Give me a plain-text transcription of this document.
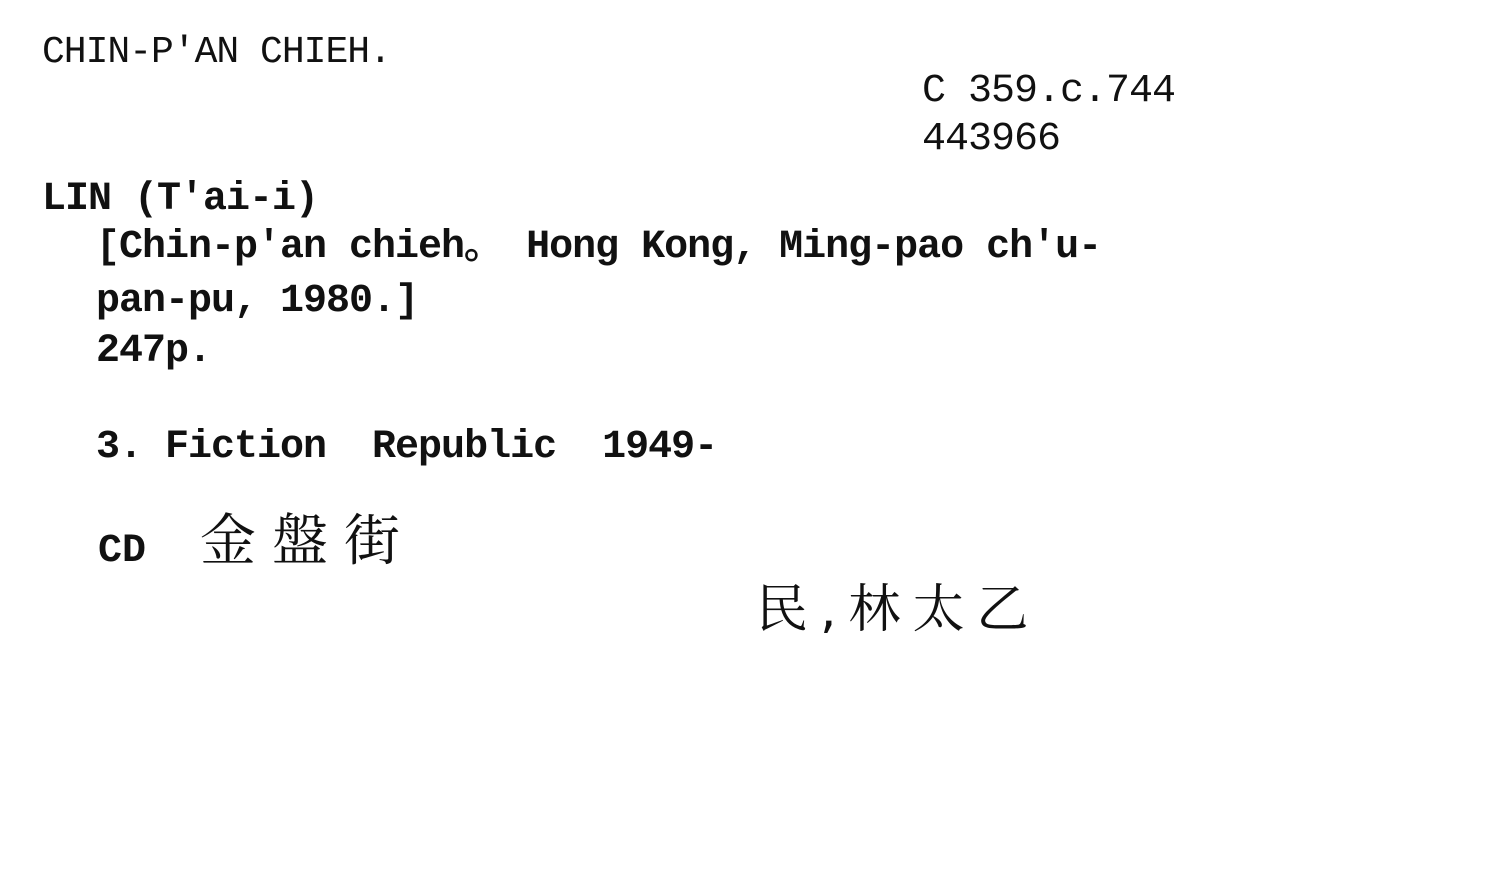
CHIN-P'AN CHIEH.
C 359.c.744
443966
LIN (T'ai-i)
[Chin-p'an chieh。 Hong Kong, Ming-pao ch'u-
pan-pu, 1980.]
247p.
3. Fiction  Republic  1949-
CD 金盤街
民,林太乙
